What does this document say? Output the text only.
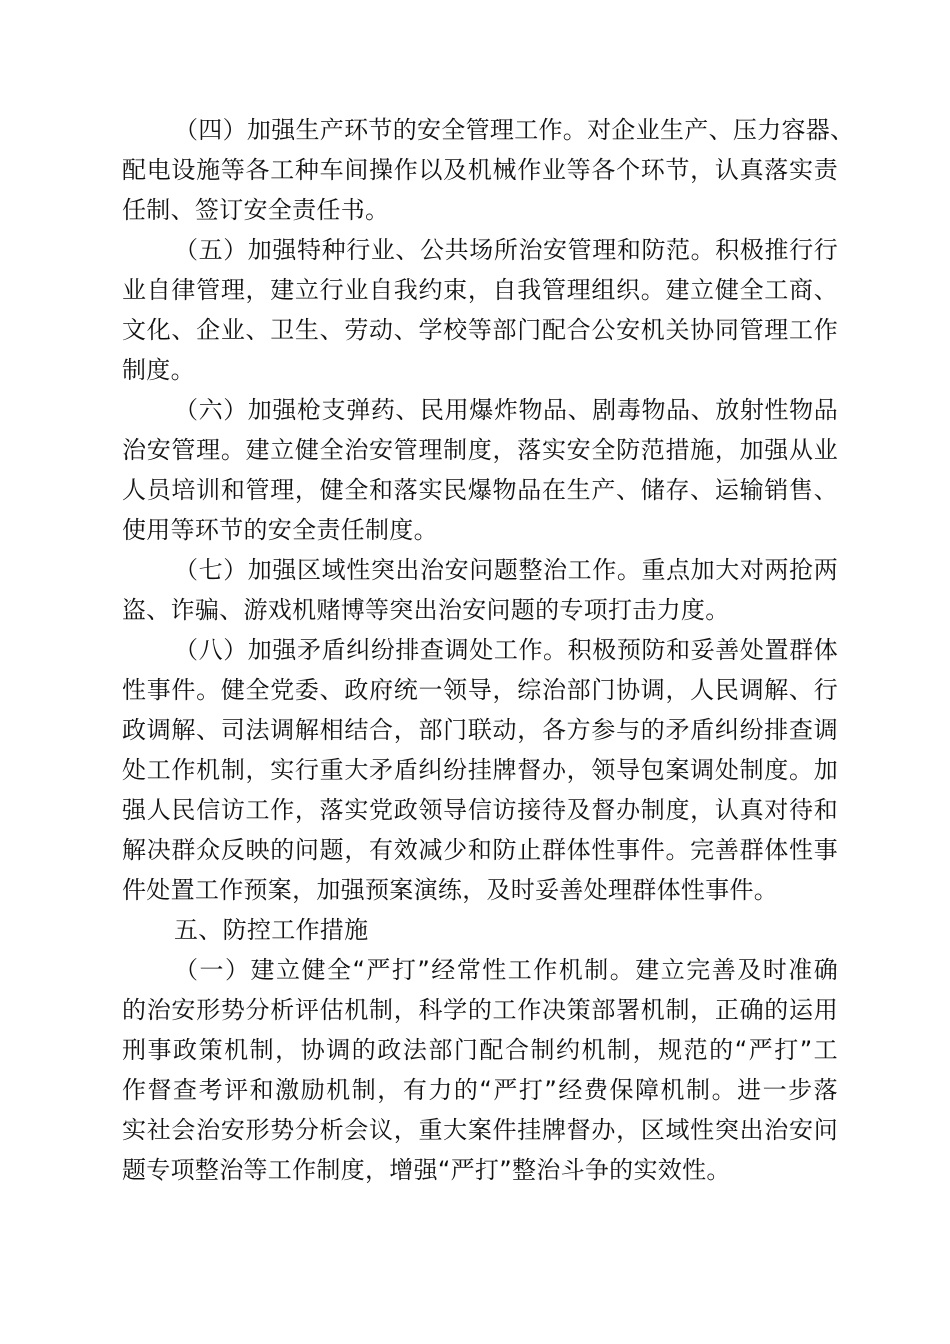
（四）加强生产环节的安全管理工作。对企业生产、压力容器、
配电设施等各工种车间操作以及机械作业等各个环节，认真落实责
任制、签订安全责任书。
（五）加强特种行业、公共场所治安管理和防范。积极推行行
业自律管理，建立行业自我约束，自我管理组织。建立健全工商、
文化、企业、卫生、劳动、学校等部门配合公安机关协同管理工作
制度。
（六）加强枪支弹药、民用爆炸物品、剧毒物品、放射性物品
治安管理。建立健全治安管理制度，落实安全防范措施，加强从业
人员培训和管理，健全和落实民爆物品在生产、储存、运输销售、
使用等环节的安全责任制度。
（七）加强区域性突出治安问题整治工作。重点加大对两抢两
盗、诈骗、游戏机赌博等突出治安问题的专项打击力度。
（八）加强矛盾纠纷排查调处工作。积极预防和妥善处置群体
性事件。健全党委、政府统一领导，综治部门协调，人民调解、行
政调解、司法调解相结合，部门联动，各方参与的矛盾纠纷排查调
处工作机制，实行重大矛盾纠纷挂牌督办，领导包案调处制度。加
强人民信访工作，落实党政领导信访接待及督办制度，认真对待和
解决群众反映的问题，有效减少和防止群体性事件。完善群体性事
件处置工作预案，加强预案演练，及时妥善处理群体性事件。
五、防控工作措施
（一）建立健全“严打”经常性工作机制。建立完善及时准确
的治安形势分析评估机制，科学的工作决策部署机制，正确的运用
刑事政策机制，协调的政法部门配合制约机制，规范的“严打”工
作督查考评和激励机制，有力的“严打”经费保障机制。进一步落
实社会治安形势分析会议，重大案件挂牌督办，区域性突出治安问
题专项整治等工作制度，增强“严打”整治斗争的实效性。
